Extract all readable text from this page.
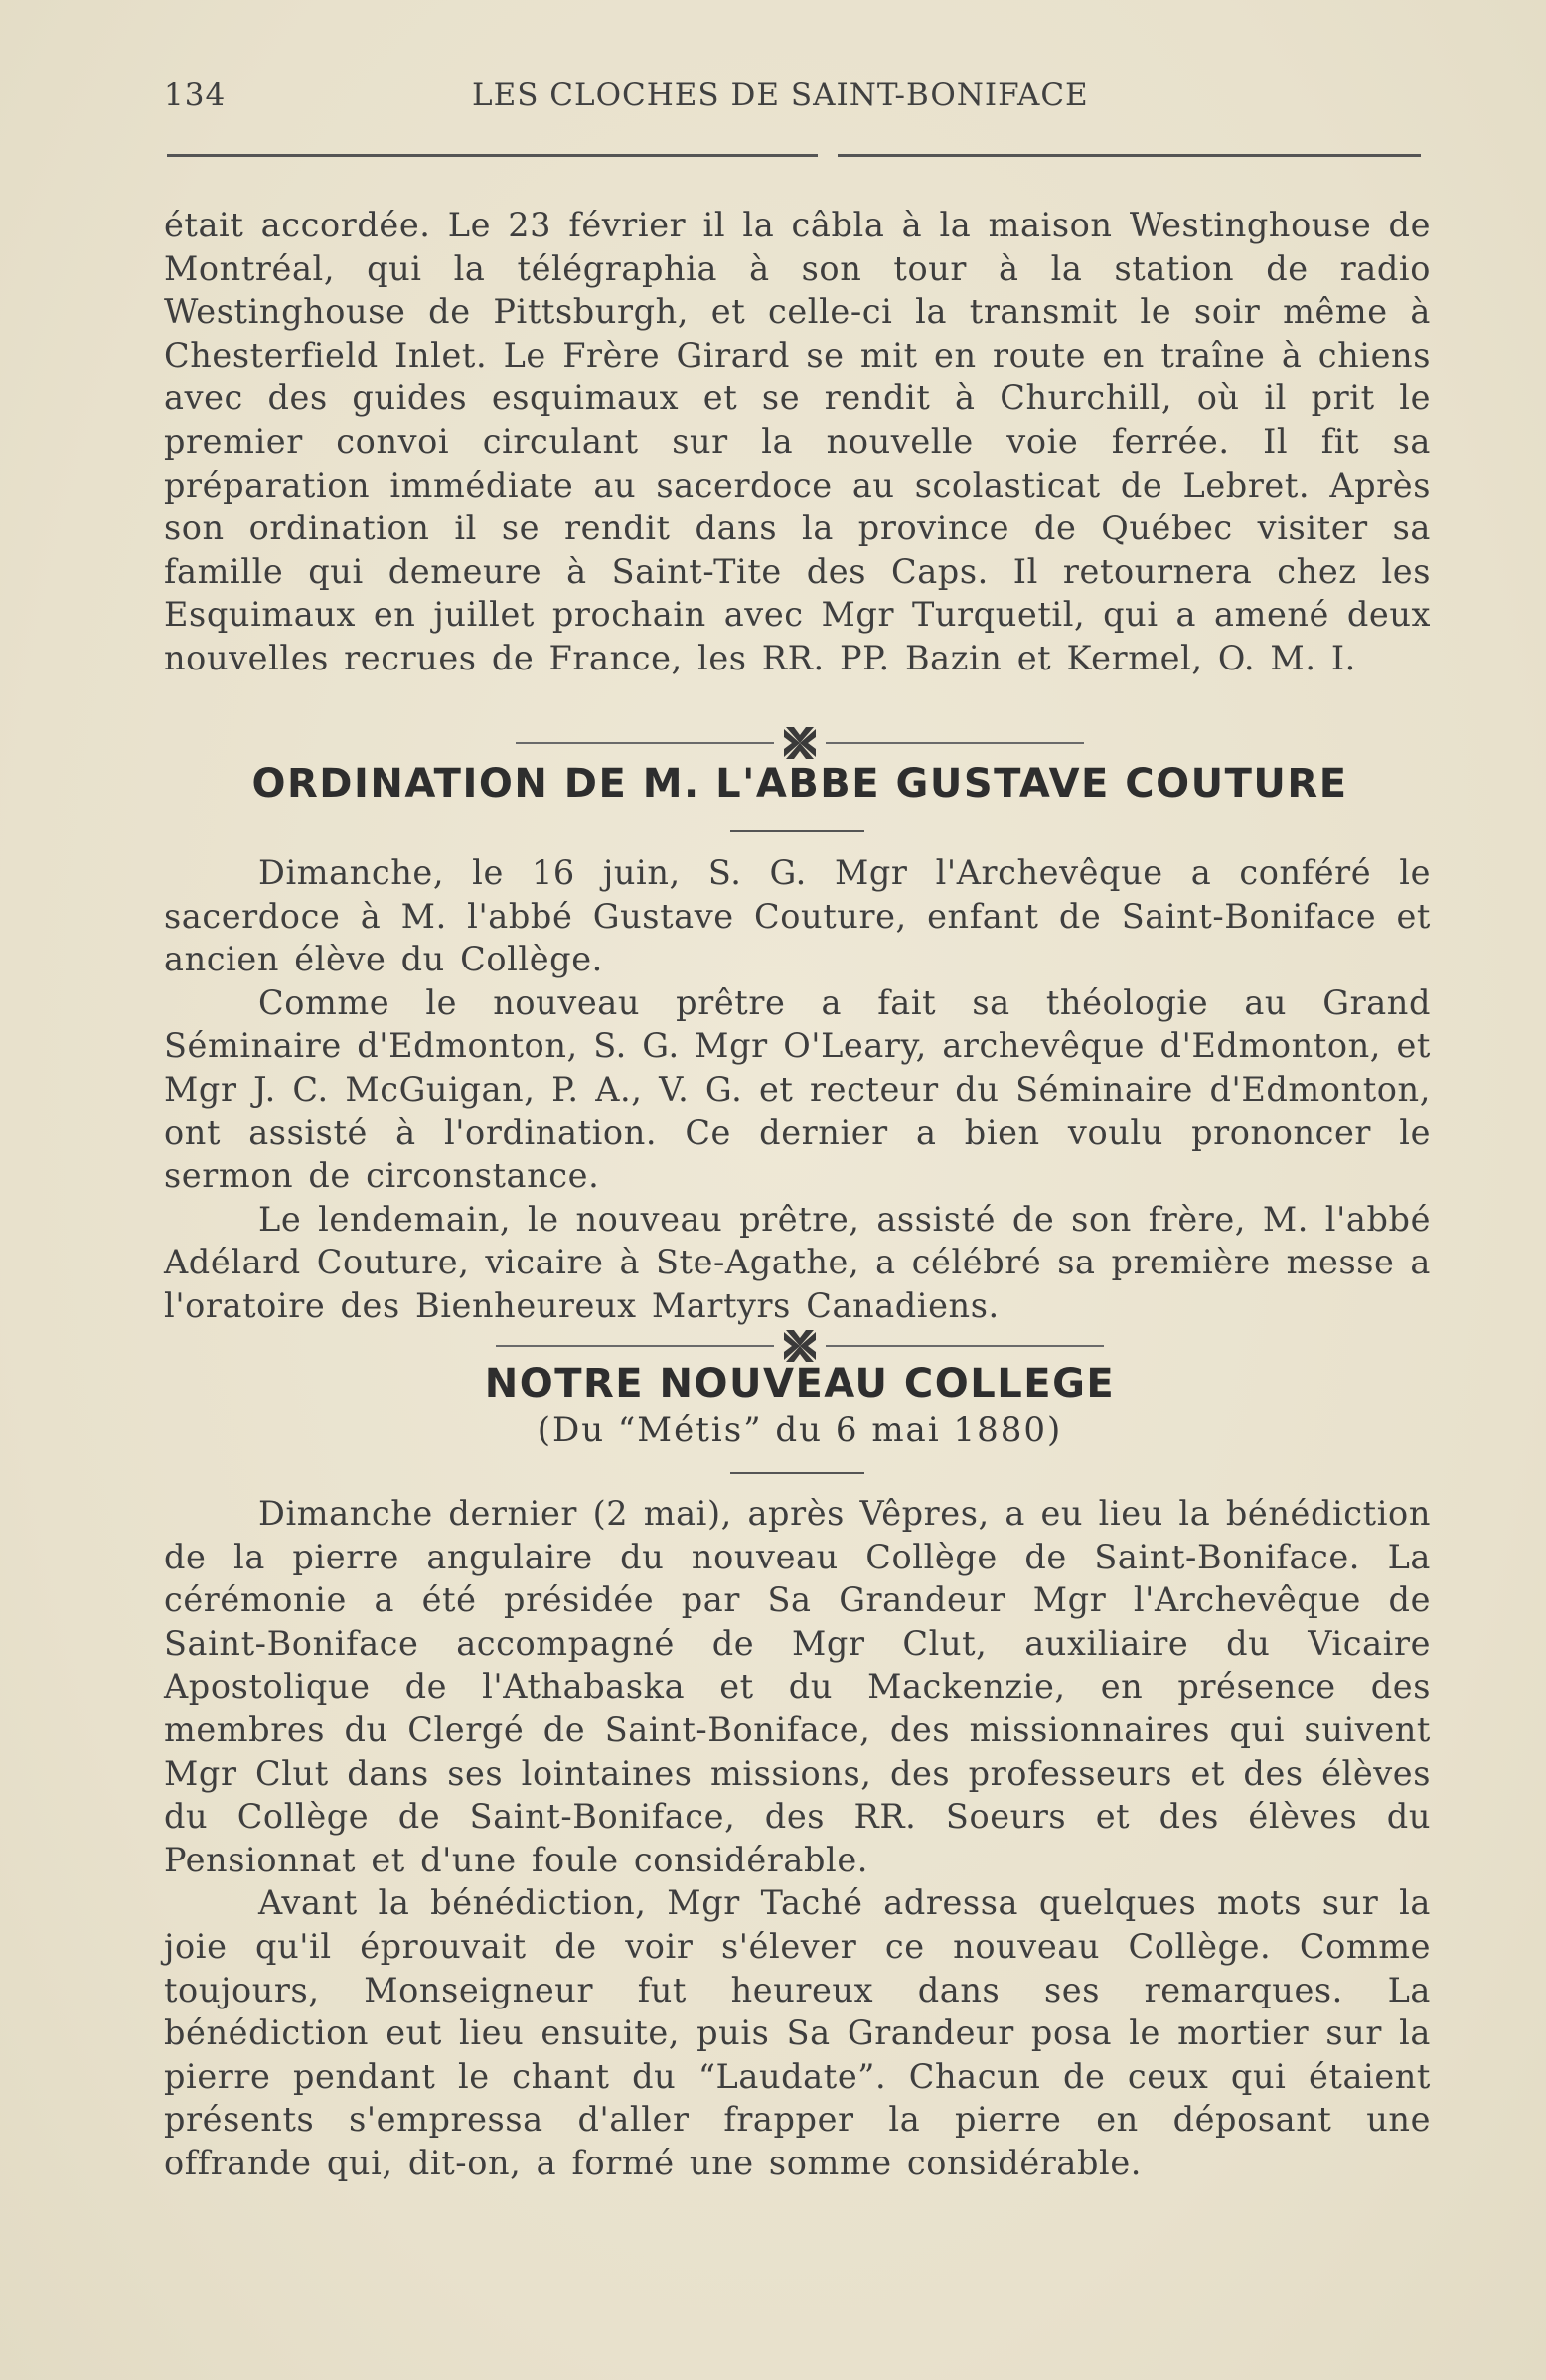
134	LES CLOCHES DE SAINT-BONIFACE

était accordée. Le 23 février il la câbla à la maison Westinghouse de Montréal, qui la télégraphia à son tour à la station de radio Westinghouse de Pittsburgh, et celle-ci la transmit le soir même à Chesterfield Inlet. Le Frère Girard se mit en route en traîne à chiens avec des guides esquimaux et se rendit à Churchill, où il prit le premier convoi circulant sur la nouvelle voie ferrée. Il fit sa préparation immédiate au sacerdoce au scolasticat de Lebret. Après son ordination il se rendit dans la province de Québec visiter sa famille qui demeure à Saint-Tite des Caps. Il retournera chez les Esquimaux en juillet prochain avec Mgr Turquetil, qui a amené deux nouvelles recrues de France, les RR. PP. Bazin et Kermel, O. M. I.

ORDINATION DE M. L'ABBE GUSTAVE COUTURE

Dimanche, le 16 juin, S. G. Mgr l'Archevêque a conféré le sacerdoce à M. l'abbé Gustave Couture, enfant de Saint-Boniface et ancien élève du Collège.

Comme le nouveau prêtre a fait sa théologie au Grand Séminaire d'Edmonton, S. G. Mgr O'Leary, archevêque d'Edmonton, et Mgr J. C. McGuigan, P. A., V. G. et recteur du Séminaire d'Edmonton, ont assisté à l'ordination. Ce dernier a bien voulu prononcer le sermon de circonstance.

Le lendemain, le nouveau prêtre, assisté de son frère, M. l'abbé Adélard Couture, vicaire à Ste-Agathe, a célébré sa première messe a l'oratoire des Bienheureux Martyrs Canadiens.

NOTRE NOUVEAU COLLEGE
(Du “Métis” du 6 mai 1880)

Dimanche dernier (2 mai), après Vêpres, a eu lieu la bénédiction de la pierre angulaire du nouveau Collège de Saint-Boniface. La cérémonie a été présidée par Sa Grandeur Mgr l'Archevêque de Saint-Boniface accompagné de Mgr Clut, auxiliaire du Vicaire Apostolique de l'Athabaska et du Mackenzie, en présence des membres du Clergé de Saint-Boniface, des missionnaires qui suivent Mgr Clut dans ses lointaines missions, des professeurs et des élèves du Collège de Saint-Boniface, des RR. Soeurs et des élèves du Pensionnat et d'une foule considérable.

Avant la bénédiction, Mgr Taché adressa quelques mots sur la joie qu'il éprouvait de voir s'élever ce nouveau Collège. Comme toujours, Monseigneur fut heureux dans ses remarques. La bénédiction eut lieu ensuite, puis Sa Grandeur posa le mortier sur la pierre pendant le chant du “Laudate”. Chacun de ceux qui étaient présents s'empressa d'aller frapper la pierre en déposant une offrande qui, dit-on, a formé une somme considérable.
